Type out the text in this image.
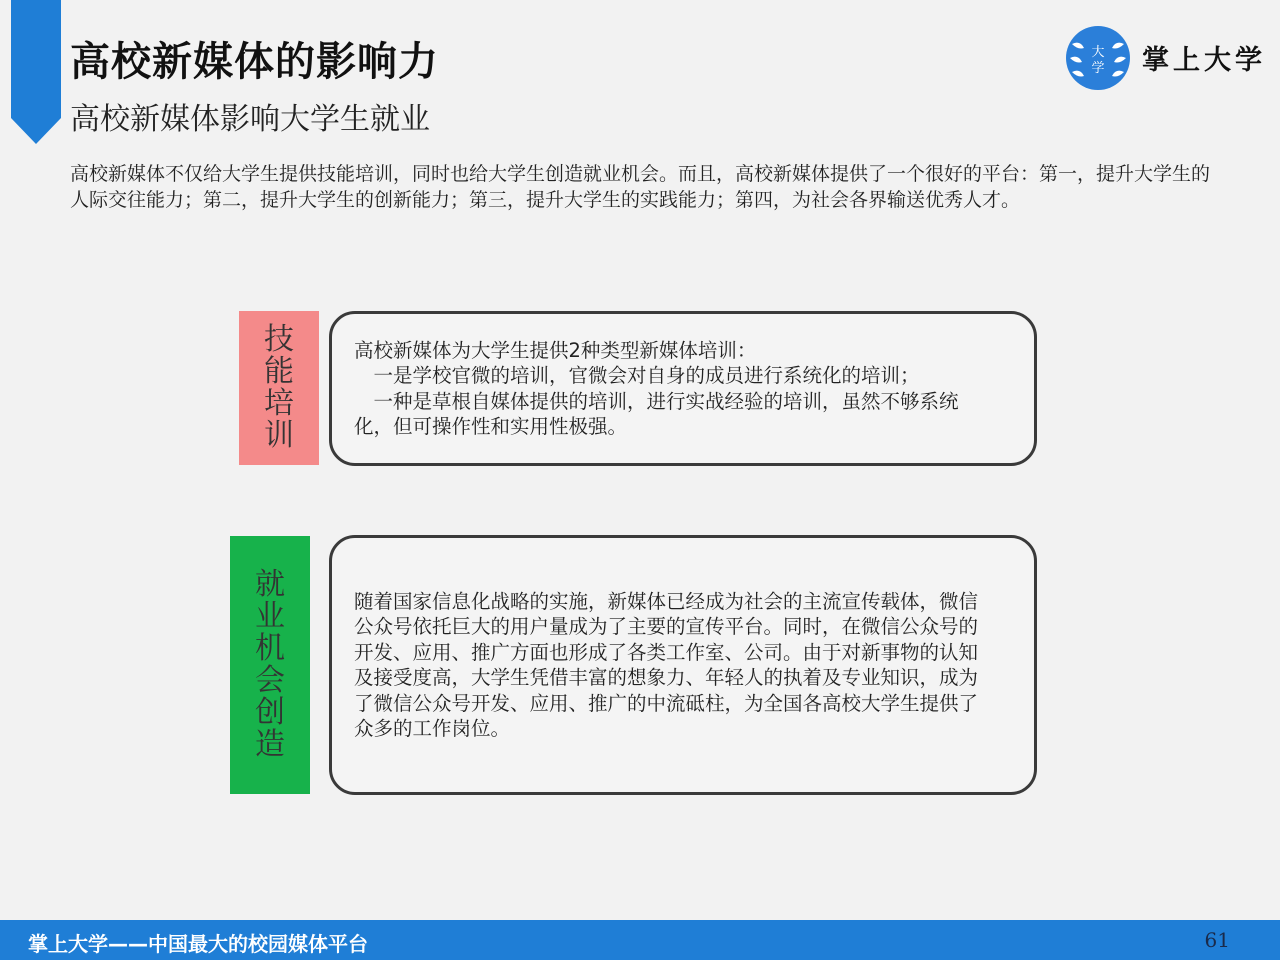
高校新媒体的影响力
高校新媒体影响大学生就业
大
学 掌上大学

高校新媒体不仅给大学生提供技能培训，同时也给大学生创造就业机会。而且，高校新媒体提供了一个很好的平台：第一，提升大学生的人际交往能力；第二，提升大学生的创新能力；第三，提升大学生的实践能力；第四，为社会各界输送优秀人才。

技
能
培
训

高校新媒体为大学生提供2种类型新媒体培训：

　一是学校官微的培训，官微会对自身的成员进行系统化的培训；

　一种是草根自媒体提供的培训，进行实战经验的培训，虽然不够系统化，但可操作性和实用性极强。

就
业
机
会
创
造

随着国家信息化战略的实施，新媒体已经成为社会的主流宣传载体，微信公众号依托巨大的用户量成为了主要的宣传平台。同时，在微信公众号的开发、应用、推广方面也形成了各类工作室、公司。由于对新事物的认知及接受度高，大学生凭借丰富的想象力、年轻人的执着及专业知识，成为了微信公众号开发、应用、推广的中流砥柱，为全国各高校大学生提供了众多的工作岗位。

掌上大学——中国最大的校园媒体平台	61
